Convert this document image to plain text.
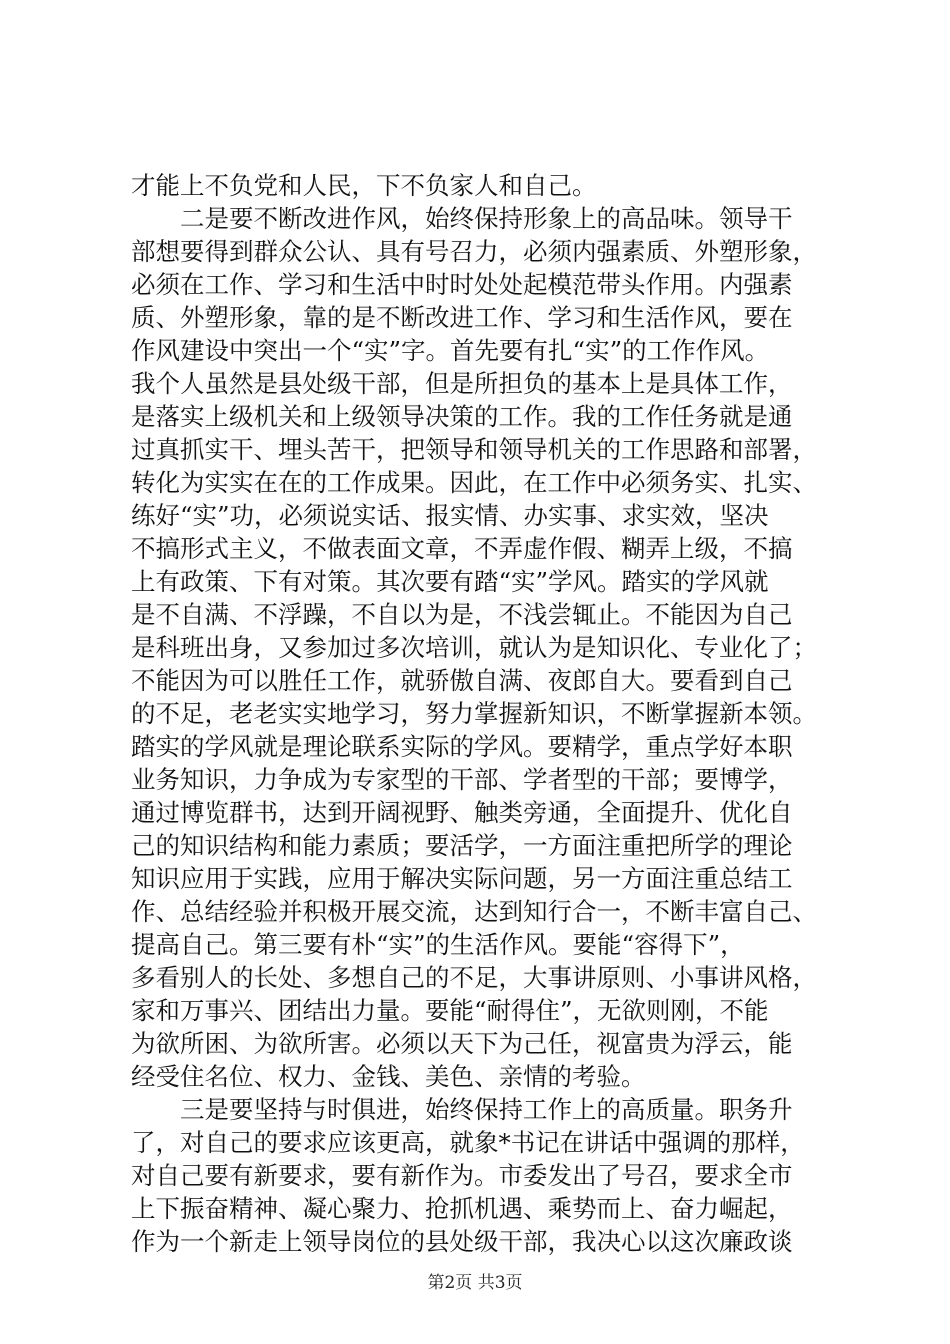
才能上不负党和人民，下不负家人和自己。
二是要不断改进作风，始终保持形象上的高品味。领导干
部想要得到群众公认、具有号召力，必须内强素质、外塑形象，
必须在工作、学习和生活中时时处处起模范带头作用。内强素
质、外塑形象，靠的是不断改进工作、学习和生活作风，要在
作风建设中突出一个“实”字。首先要有扎“实”的工作作风。
我个人虽然是县处级干部，但是所担负的基本上是具体工作，
是落实上级机关和上级领导决策的工作。我的工作任务就是通
过真抓实干、埋头苦干，把领导和领导机关的工作思路和部署，
转化为实实在在的工作成果。因此，在工作中必须务实、扎实、
练好“实”功，必须说实话、报实情、办实事、求实效，坚决
不搞形式主义，不做表面文章，不弄虚作假、糊弄上级，不搞
上有政策、下有对策。其次要有踏“实”学风。踏实的学风就
是不自满、不浮躁，不自以为是，不浅尝辄止。不能因为自己
是科班出身，又参加过多次培训，就认为是知识化、专业化了；
不能因为可以胜任工作，就骄傲自满、夜郎自大。要看到自己
的不足，老老实实地学习，努力掌握新知识，不断掌握新本领。
踏实的学风就是理论联系实际的学风。要精学，重点学好本职
业务知识，力争成为专家型的干部、学者型的干部；要博学，
通过博览群书，达到开阔视野、触类旁通，全面提升、优化自
己的知识结构和能力素质；要活学，一方面注重把所学的理论
知识应用于实践，应用于解决实际问题，另一方面注重总结工
作、总结经验并积极开展交流，达到知行合一，不断丰富自己、
提高自己。第三要有朴“实”的生活作风。要能“容得下”，
多看别人的长处、多想自己的不足，大事讲原则、小事讲风格，
家和万事兴、团结出力量。要能“耐得住”，无欲则刚，不能
为欲所困、为欲所害。必须以天下为己任，视富贵为浮云，能
经受住名位、权力、金钱、美色、亲情的考验。
三是要坚持与时俱进，始终保持工作上的高质量。职务升
了，对自己的要求应该更高，就象*书记在讲话中强调的那样，
对自己要有新要求，要有新作为。市委发出了号召，要求全市
上下振奋精神、凝心聚力、抢抓机遇、乘势而上、奋力崛起，
作为一个新走上领导岗位的县处级干部，我决心以这次廉政谈
第2页 共3页
